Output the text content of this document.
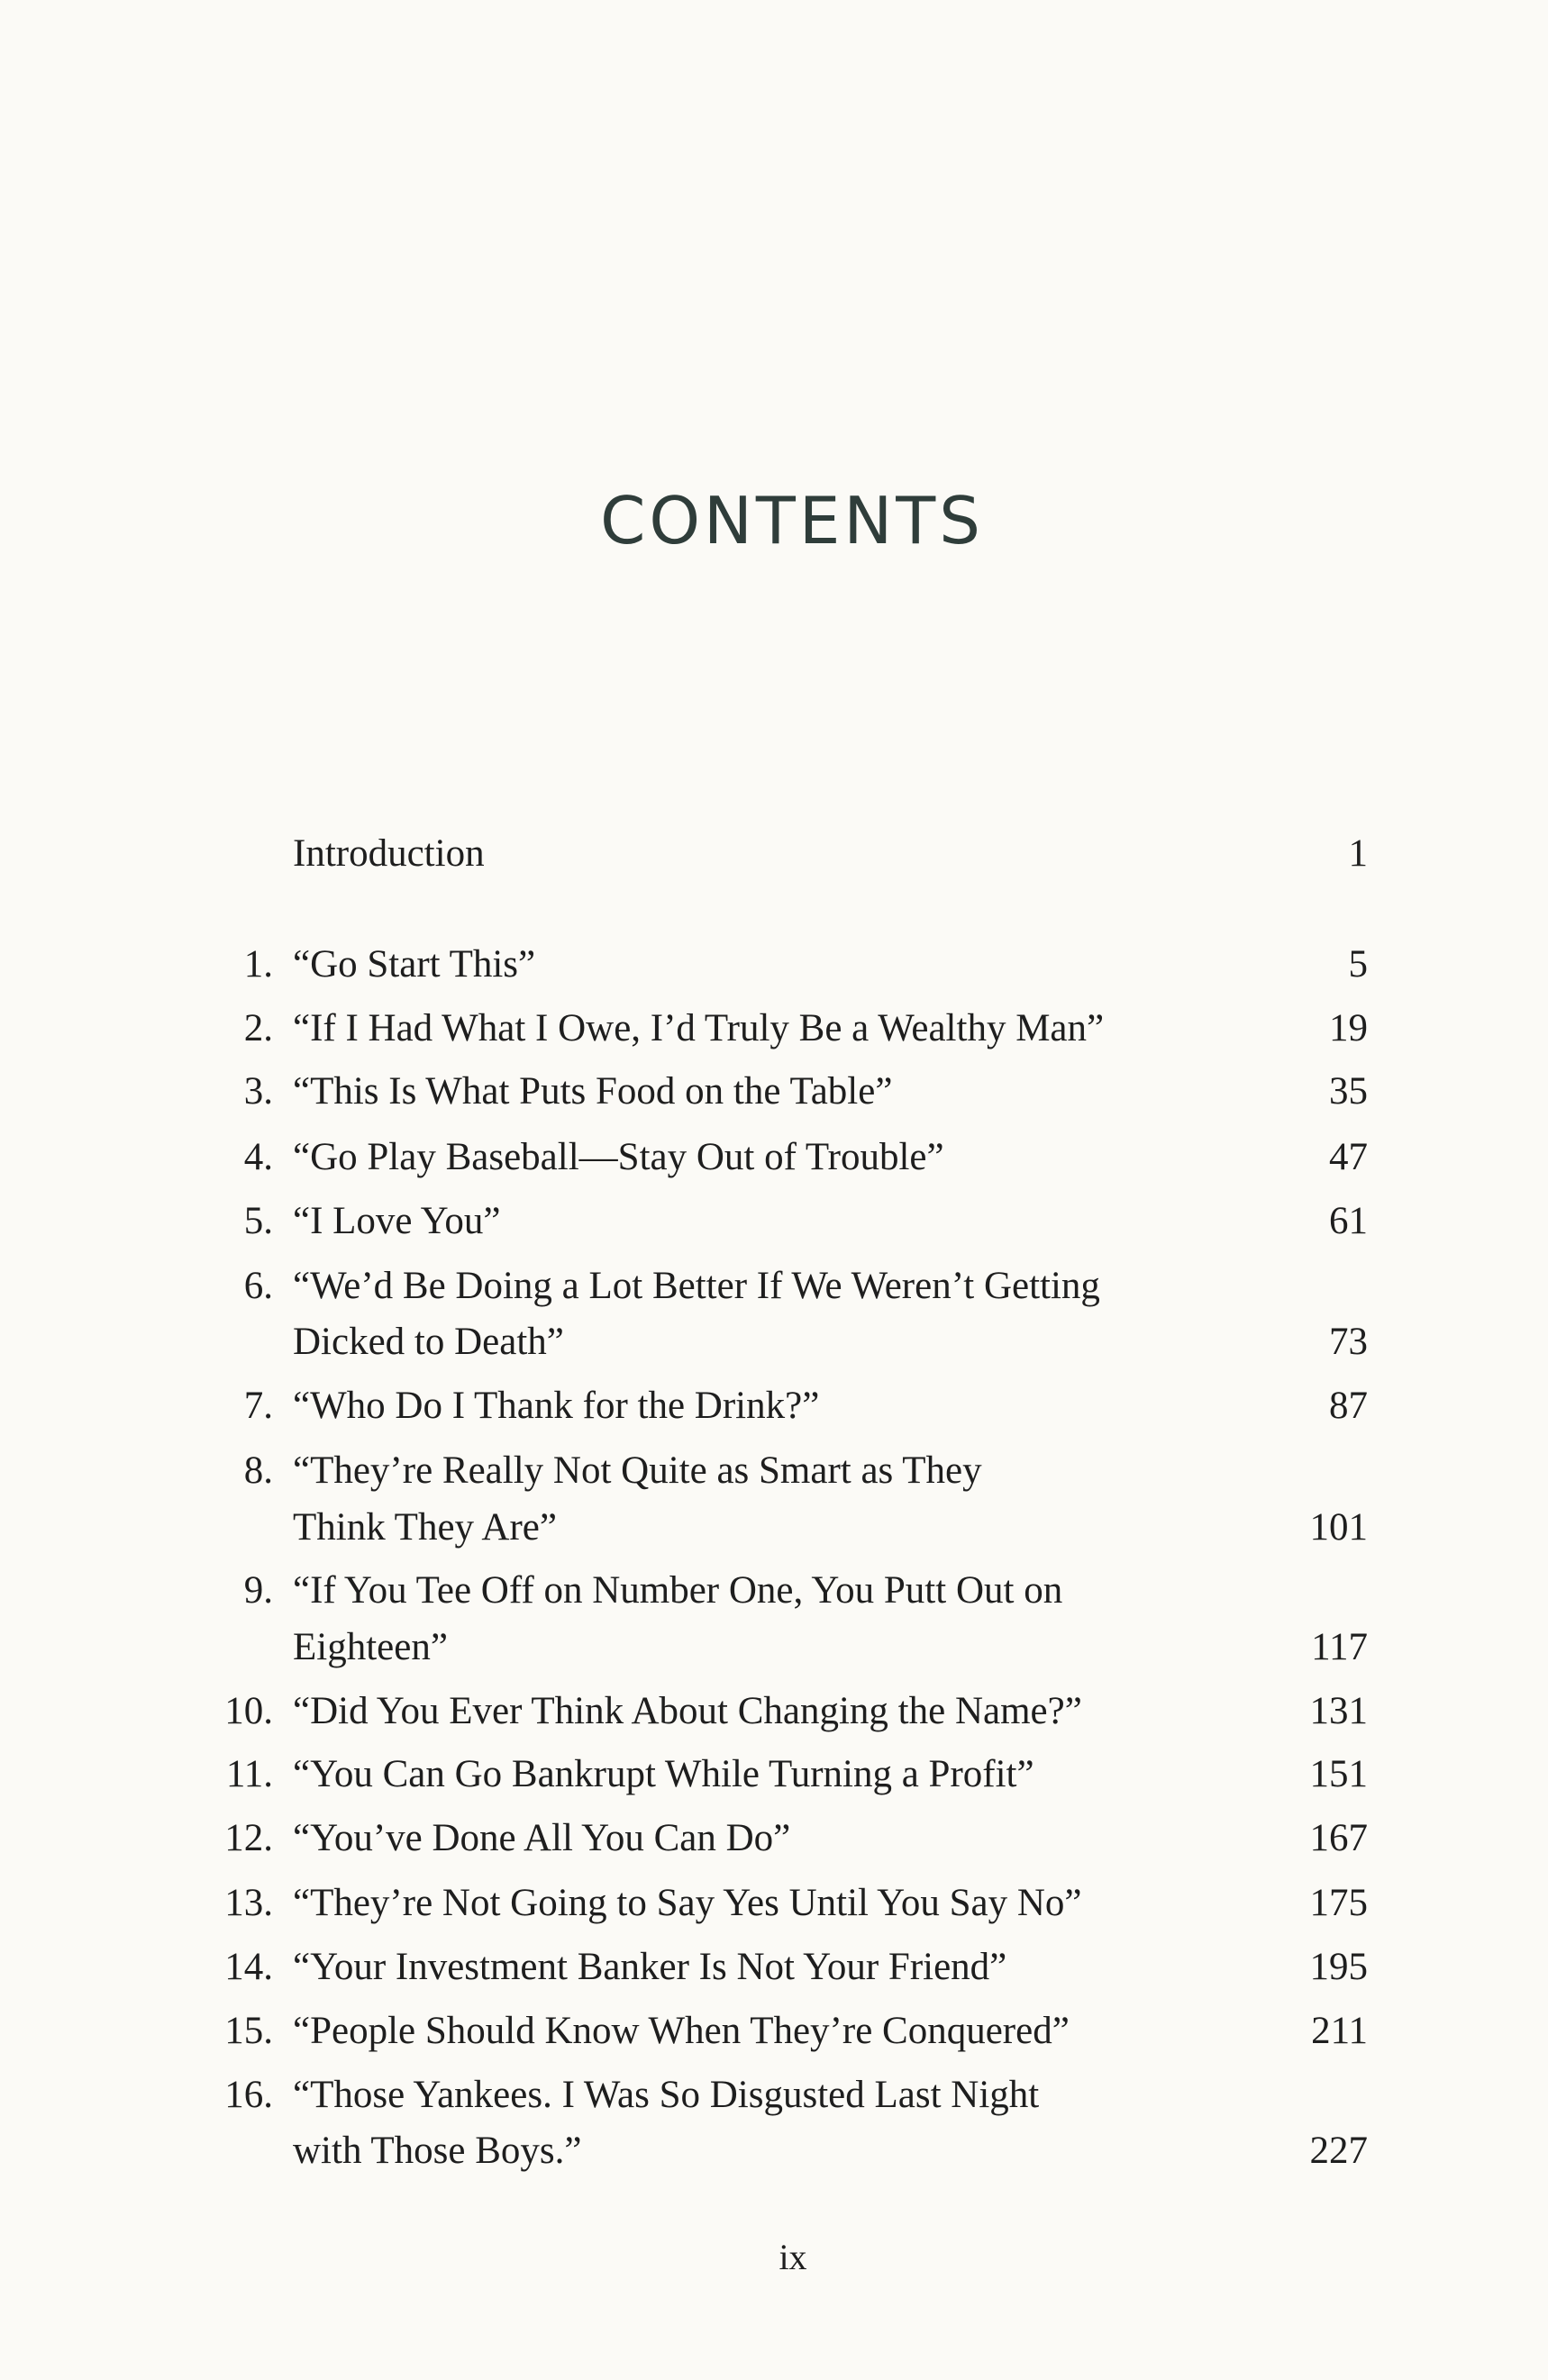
CONTENTS
Introduction	1
1. “Go Start This”	5
2. “If I Had What I Owe, I’d Truly Be a Wealthy Man”	19
3. “This Is What Puts Food on the Table”	35
4. “Go Play Baseball—Stay Out of Trouble”	47
5. “I Love You”	61
6. “We’d Be Doing a Lot Better If We Weren’t Getting
Dicked to Death”	73
7. “Who Do I Thank for the Drink?”	87
8. “They’re Really Not Quite as Smart as They
Think They Are”	101
9. “If You Tee Off on Number One, You Putt Out on
Eighteen”	117
10. “Did You Ever Think About Changing the Name?”	131
11. “You Can Go Bankrupt While Turning a Profit”	151
12. “You’ve Done All You Can Do”	167
13. “They’re Not Going to Say Yes Until You Say No”	175
14. “Your Investment Banker Is Not Your Friend”	195
15. “People Should Know When They’re Conquered”	211
16. “Those Yankees. I Was So Disgusted Last Night
with Those Boys.”	227
ix
